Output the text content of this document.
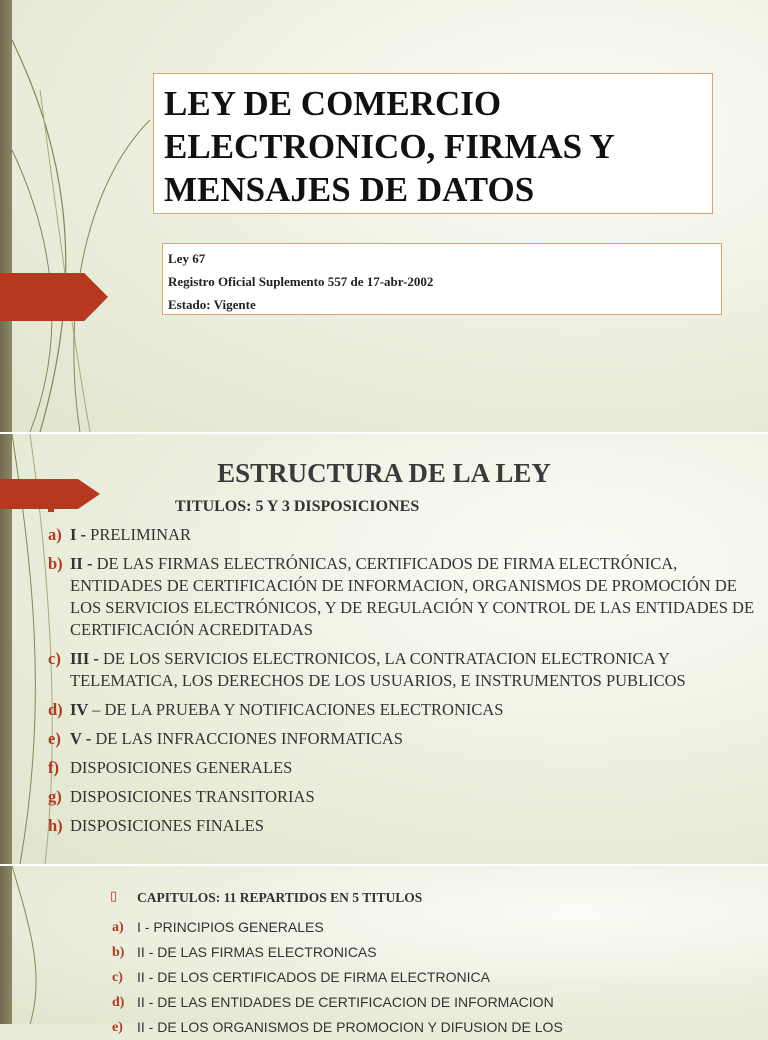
LEY DE COMERCIO
ELECTRONICO, FIRMAS Y
MENSAJES DE DATOS
Ley 67
Registro Oficial Suplemento 557 de 17-abr-2002
Estado: Vigente
ESTRUCTURA DE LA LEY
TITULOS: 5 Y 3 DISPOSICIONES
a) I - PRELIMINAR
b) II - DE LAS FIRMAS ELECTRÓNICAS, CERTIFICADOS DE FIRMA ELECTRÓNICA, ENTIDADES DE CERTIFICACIÓN DE INFORMACION, ORGANISMOS DE PROMOCIÓN DE LOS SERVICIOS ELECTRÓNICOS, Y DE REGULACIÓN Y CONTROL DE LAS ENTIDADES DE CERTIFICACIÓN ACREDITADAS
c) III - DE LOS SERVICIOS ELECTRONICOS, LA CONTRATACION ELECTRONICA Y TELEMATICA, LOS DERECHOS DE LOS USUARIOS, E INSTRUMENTOS PUBLICOS
d) IV – DE LA PRUEBA Y NOTIFICACIONES ELECTRONICAS
e) V - DE LAS INFRACCIONES INFORMATICAS
f) DISPOSICIONES GENERALES
g) DISPOSICIONES TRANSITORIAS
h) DISPOSICIONES FINALES
▯ CAPITULOS: 11 REPARTIDOS EN 5 TITULOS
a) I - PRINCIPIOS GENERALES
b) II - DE LAS FIRMAS ELECTRONICAS
c) II - DE LOS CERTIFICADOS DE FIRMA ELECTRONICA
d) II - DE LAS ENTIDADES DE CERTIFICACION DE INFORMACION
e) II - DE LOS ORGANISMOS DE PROMOCION Y DIFUSION DE LOS
